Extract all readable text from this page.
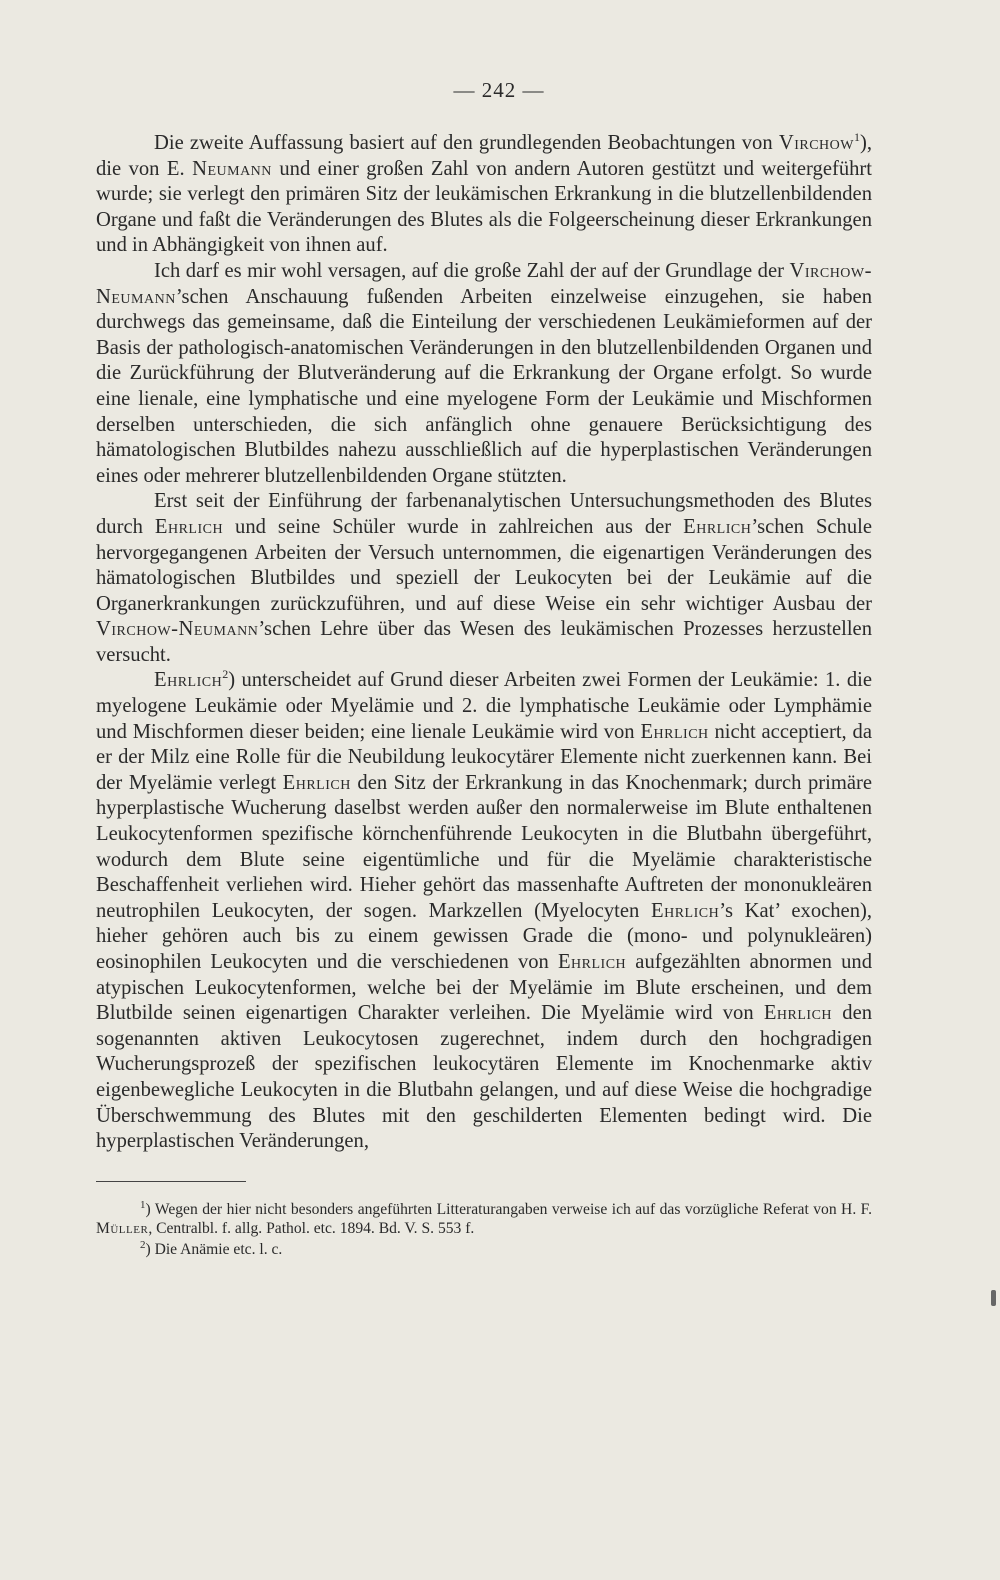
— 242 —

Die zweite Auffassung basiert auf den grundlegenden Beobachtungen von Virchow$^1$), die von E. Neumann und einer großen Zahl von andern Autoren gestützt und weitergeführt wurde; sie verlegt den primären Sitz der leukämischen Erkrankung in die blutzellenbildenden Organe und faßt die Veränderungen des Blutes als die Folgeerscheinung dieser Erkrankungen und in Abhängigkeit von ihnen auf.

Ich darf es mir wohl versagen, auf die große Zahl der auf der Grundlage der Virchow-Neumann’schen Anschauung fußenden Arbeiten einzelweise einzugehen, sie haben durchwegs das gemeinsame, daß die Einteilung der verschiedenen Leukämieformen auf der Basis der pathologisch-anatomischen Veränderungen in den blutzellenbildenden Organen und die Zurückführung der Blutveränderung auf die Erkrankung der Organe erfolgt. So wurde eine lienale, eine lymphatische und eine myelogene Form der Leukämie und Mischformen derselben unterschieden, die sich anfänglich ohne genauere Berücksichtigung des hämatologischen Blutbildes nahezu ausschließlich auf die hyperplastischen Veränderungen eines oder mehrerer blutzellenbildenden Organe stützten.

Erst seit der Einführung der farbenanalytischen Untersuchungsmethoden des Blutes durch Ehrlich und seine Schüler wurde in zahlreichen aus der Ehrlich’schen Schule hervorgegangenen Arbeiten der Versuch unternommen, die eigenartigen Veränderungen des hämatologischen Blutbildes und speziell der Leukocyten bei der Leukämie auf die Organerkrankungen zurückzuführen, und auf diese Weise ein sehr wichtiger Ausbau der Virchow-Neumann’schen Lehre über das Wesen des leukämischen Prozesses herzustellen versucht.

Ehrlich$^2$) unterscheidet auf Grund dieser Arbeiten zwei Formen der Leukämie: 1. die myelogene Leukämie oder Myelämie und 2. die lymphatische Leukämie oder Lymphämie und Mischformen dieser beiden; eine lienale Leukämie wird von Ehrlich nicht acceptiert, da er der Milz eine Rolle für die Neubildung leukocytärer Elemente nicht zuerkennen kann. Bei der Myelämie verlegt Ehrlich den Sitz der Erkrankung in das Knochenmark; durch primäre hyperplastische Wucherung daselbst werden außer den normalerweise im Blute enthaltenen Leukocytenformen spezifische körnchenführende Leukocyten in die Blutbahn übergeführt, wodurch dem Blute seine eigentümliche und für die Myelämie charakteristische Beschaffenheit verliehen wird. Hieher gehört das massenhafte Auftreten der mononukleären neutrophilen Leukocyten, der sogen. Markzellen (Myelocyten Ehrlich’s Kat’ exochen), hieher gehören auch bis zu einem gewissen Grade die (mono- und polynukleären) eosinophilen Leukocyten und die verschiedenen von Ehrlich aufgezählten abnormen und atypischen Leukocytenformen, welche bei der Myelämie im Blute erscheinen, und dem Blutbilde seinen eigenartigen Charakter verleihen. Die Myelämie wird von Ehrlich den sogenannten aktiven Leukocytosen zugerechnet, indem durch den hochgradigen Wucherungsprozeß der spezifischen leukocytären Elemente im Knochenmarke aktiv eigenbewegliche Leukocyten in die Blutbahn gelangen, und auf diese Weise die hochgradige Überschwemmung des Blutes mit den geschilderten Elementen bedingt wird. Die hyperplastischen Veränderungen,

$^1$) Wegen der hier nicht besonders angeführten Litteraturangaben verweise ich auf das vorzügliche Referat von H. F. Müller, Centralbl. f. allg. Pathol. etc. 1894. Bd. V. S. 553 f.

$^2$) Die Anämie etc. l. c.
